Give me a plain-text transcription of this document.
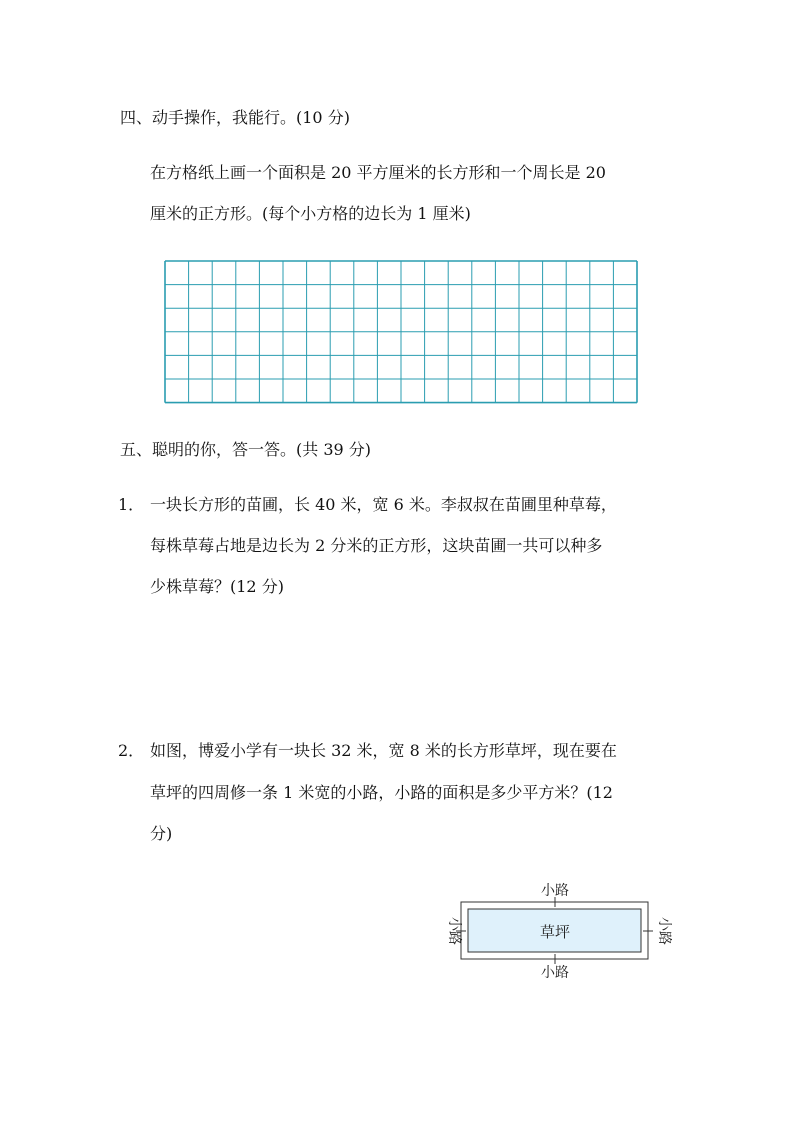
四、动手操作，我能行。(10 分)
在方格纸上画一个面积是 20 平方厘米的长方形和一个周长是 20
厘米的正方形。(每个小方格的边长为 1 厘米)
五、聪明的你，答一答。(共 39 分)
1． 一块长方形的苗圃，长 40 米，宽 6 米。李叔叔在苗圃里种草莓，
每株草莓占地是边长为 2 分米的正方形，这块苗圃一共可以种多
少株草莓？(12 分)
2． 如图，博爱小学有一块长 32 米，宽 8 米的长方形草坪，现在要在
草坪的四周修一条 1 米宽的小路，小路的面积是多少平方米？(12
分)
草坪
小路
小路
小路	小路
